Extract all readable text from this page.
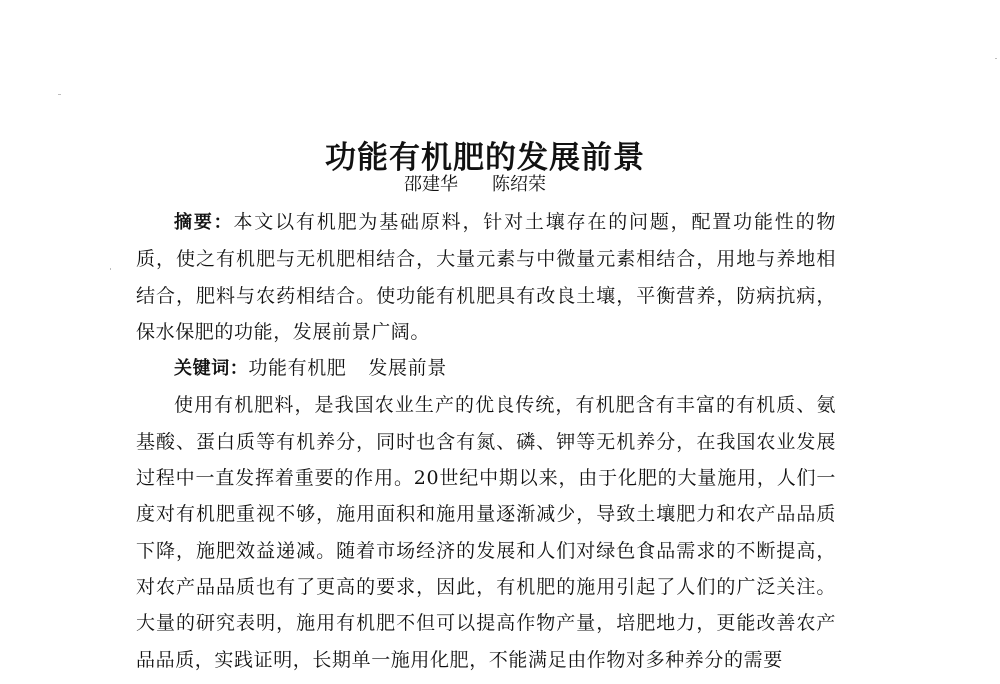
功能有机肥的发展前景
邵建华 陈绍荣

摘要：本文以有机肥为基础原料，针对土壤存在的问题，配置功能性的物质，使之有机肥与无机肥相结合，大量元素与中微量元素相结合，用地与养地相结合，肥料与农药相结合。使功能有机肥具有改良土壤，平衡营养，防病抗病，保水保肥的功能，发展前景广阔。

关键词：功能有机肥 发展前景

使用有机肥料，是我国农业生产的优良传统，有机肥含有丰富的有机质、氨基酸、蛋白质等有机养分，同时也含有氮、磷、钾等无机养分，在我国农业发展过程中一直发挥着重要的作用。20世纪中期以来，由于化肥的大量施用，人们一度对有机肥重视不够，施用面积和施用量逐渐减少，导致土壤肥力和农产品品质下降，施肥效益递减。随着市场经济的发展和人们对绿色食品需求的不断提高，对农产品品质也有了更高的要求，因此，有机肥的施用引起了人们的广泛关注。大量的研究表明，施用有机肥不但可以提高作物产量，培肥地力，更能改善农产品品质，实践证明，长期单一施用化肥，不能满足由作物对多种养分的需要
